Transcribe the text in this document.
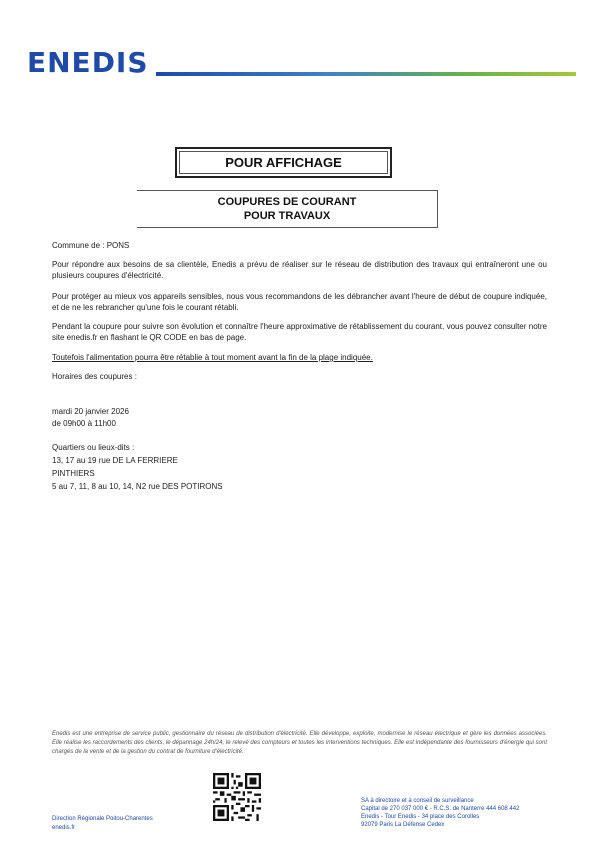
ENEDIS
POUR AFFICHAGE
COUPURES DE COURANT
POUR TRAVAUX
Commune de : PONS
Pour répondre aux besoins de sa clientèle, Enedis a prévu de réaliser sur le réseau de distribution des travaux qui entraîneront une ou plusieurs coupures d'électricité.
Pour protéger au mieux vos appareils sensibles, nous vous recommandons de les débrancher avant l'heure de début de coupure indiquée, et de ne les rebrancher qu'une fois le courant rétabli.
Pendant la coupure pour suivre son évolution et connaître l'heure approximative de rétablissement du courant, vous pouvez consulter notre site enedis.fr en flashant le QR CODE en bas de page.
Toutefois l'alimentation pourra être rétablie à tout moment avant la fin de la plage indiquée.
Horaires des coupures :
mardi 20 janvier 2026
de 09h00 à 11h00
Quartiers ou lieux-dits :
13, 17 au 19 rue DE LA FERRIERE
PINTHIERS
5 au 7, 11, 8 au 10, 14, N2 rue DES POTIRONS
Enedis est une entreprise de service public, gestionnaire du réseau de distribution d'électricité. Elle développe, exploite, modernise le réseau électrique et gère les données associées. Elle réalise les raccordements des clients, le dépannage 24h/24, le relevé des compteurs et toutes les interventions techniques. Elle est indépendante des fournisseurs d'énergie qui sont chargés de la vente et de la gestion du contrat de fourniture d'électricité.
Direction Régionale Poitou-Charentes
enedis.fr
SA à directoire et à conseil de surveillance
Capital de 270 037 000 € - R.C.S. de Nanterre 444 608 442
Enedis - Tour Enedis - 34 place des Corolles
92079 Paris La Défense Cedex
